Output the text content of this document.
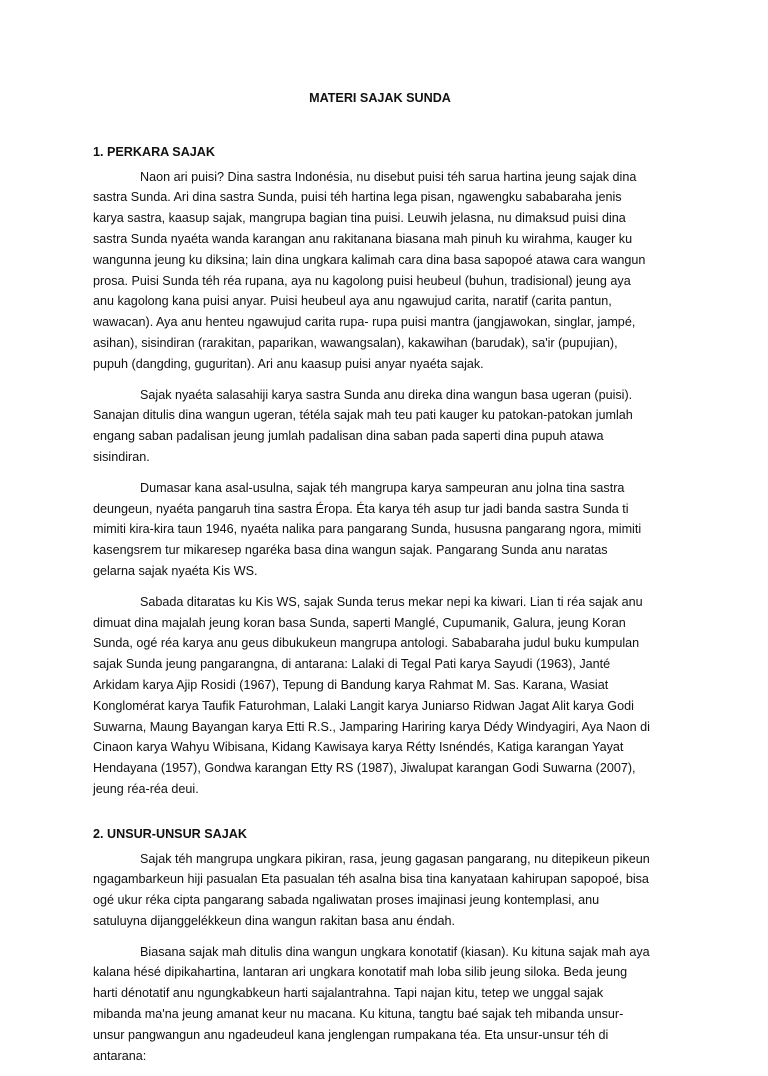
MATERI SAJAK SUNDA
1. PERKARA SAJAK

Naon ari puisi? Dina sastra Indonésia, nu disebut puisi téh sarua hartina jeung sajak dina sastra Sunda. Ari dina sastra Sunda, puisi téh hartina lega pisan, ngawengku sababaraha jenis karya sastra, kaasup sajak, mangrupa bagian tina puisi. Leuwih jelasna, nu dimaksud puisi dina sastra Sunda nyaéta wanda karangan anu rakitanana biasana mah pinuh ku wirahma, kauger ku wangunna jeung ku diksina; lain dina ungkara kalimah cara dina basa sapopoé atawa cara wangun prosa. Puisi Sunda téh réa rupana, aya nu kagolong puisi heubeul (buhun, tradisional) jeung aya anu kagolong kana puisi anyar. Puisi heubeul aya anu ngawujud carita, naratif (carita pantun, wawacan). Aya anu henteu ngawujud carita rupa- rupa puisi mantra (jangjawokan, singlar, jampé, asihan), sisindiran (rarakitan, paparikan, wawangsalan), kakawihan (barudak), sa'ir (pupujian), pupuh (dangding, guguritan). Ari anu kaasup puisi anyar nyaéta sajak.

Sajak nyaéta salasahiji karya sastra Sunda anu direka dina wangun basa ugeran (puisi). Sanajan ditulis dina wangun ugeran, tétéla sajak mah teu pati kauger ku patokan-patokan jumlah engang saban padalisan jeung jumlah padalisan dina saban pada saperti dina pupuh atawa sisindiran.

Dumasar kana asal-usulna, sajak téh mangrupa karya sampeuran anu jolna tina sastra deungeun, nyaéta pangaruh tina sastra Éropa. Éta karya téh asup tur jadi banda sastra Sunda ti mimiti kira-kira taun 1946, nyaéta nalika para pangarang Sunda, hususna pangarang ngora, mimiti kasengsrem tur mikaresep ngaréka basa dina wangun sajak. Pangarang Sunda anu naratas gelarna sajak nyaéta Kis WS.

Sabada ditaratas ku Kis WS, sajak Sunda terus mekar nepi ka kiwari. Lian ti réa sajak anu dimuat dina majalah jeung koran basa Sunda, saperti Manglé, Cupumanik, Galura, jeung Koran Sunda, ogé réa karya anu geus dibukukeun mangrupa antologi. Sababaraha judul buku kumpulan sajak Sunda jeung pangarangna, di antarana: Lalaki di Tegal Pati karya Sayudi (1963), Janté Arkidam karya Ajip Rosidi (1967), Tepung di Bandung karya Rahmat M. Sas. Karana, Wasiat Konglomérat karya Taufik Faturohman, Lalaki Langit karya Juniarso Ridwan Jagat Alit karya Godi Suwarna, Maung Bayangan karya Etti R.S., Jamparing Hariring karya Dédy Windyagiri, Aya Naon di Cinaon karya Wahyu Wibisana, Kidang Kawisaya karya Rétty Isnéndés, Katiga karangan Yayat Hendayana (1957), Gondwa karangan Etty RS (1987), Jiwalupat karangan Godi Suwarna (2007), jeung réa-réa deui.

2. UNSUR-UNSUR SAJAK

Sajak téh mangrupa ungkara pikiran, rasa, jeung gagasan pangarang, nu ditepikeun pikeun ngagambarkeun hiji pasualan Eta pasualan téh asalna bisa tina kanyataan kahirupan sapopoé, bisa ogé ukur réka cipta pangarang sabada ngaliwatan proses imajinasi jeung kontemplasi, anu satuluyna dijanggelékkeun dina wangun rakitan basa anu éndah.

Biasana sajak mah ditulis dina wangun ungkara konotatif (kiasan). Ku kituna sajak mah aya kalana hésé dipikahartina, lantaran ari ungkara konotatif mah loba silib jeung siloka. Beda jeung harti dénotatif anu ngungkabkeun harti sajalantrahna. Tapi najan kitu, tetep we unggal sajak mibanda ma'na jeung amanat keur nu macana. Ku kituna, tangtu baé sajak teh mibanda unsur-unsur pangwangun anu ngadeudeul kana jenglengan rumpakana téa. Eta unsur-unsur téh di antarana:
